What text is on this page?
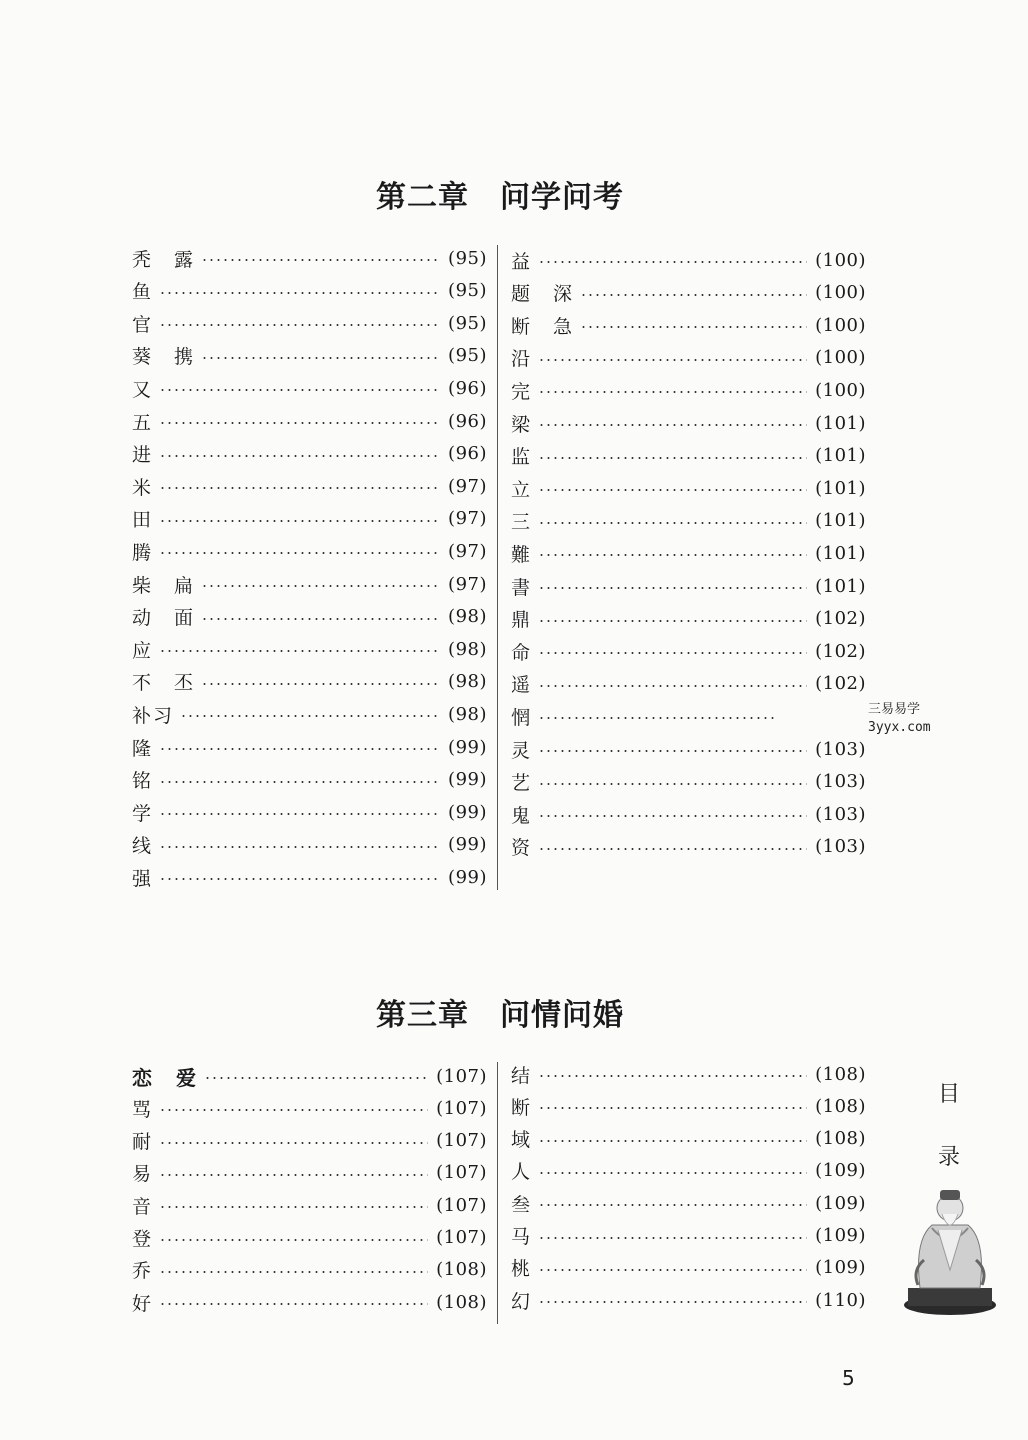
第二章　问学问考
秃　露	(95)
鱼	(95)
官	(95)
葵　携	(95)
又	(96)
五	(96)
进	(96)
米	(97)
田	(97)
腾	(97)
柴　扁	(97)
动　面	(98)
应	(98)
不　丕	(98)
补习	(98)
隆	(99)
铭	(99)
学	(99)
线	(99)
强	(99)
益	(100)
题　深	(100)
断　急	(100)
沿	(100)
完	(100)
梁	(101)
监	(101)
立	(101)
三	(101)
難	(101)
書	(101)
鼎	(102)
命	(102)
遥	(102)
惘
灵	(103)
艺	(103)
鬼	(103)
资	(103)
第三章　问情问婚
恋　爱	(107)
骂	(107)
耐	(107)
易	(107)
音	(107)
登	(107)
乔	(108)
好	(108)
结	(108)
断	(108)
域	(108)
人	(109)
叁	(109)
马	(109)
桃	(109)
幻	(110)
三易易学
3yyx.com
目
录
5
